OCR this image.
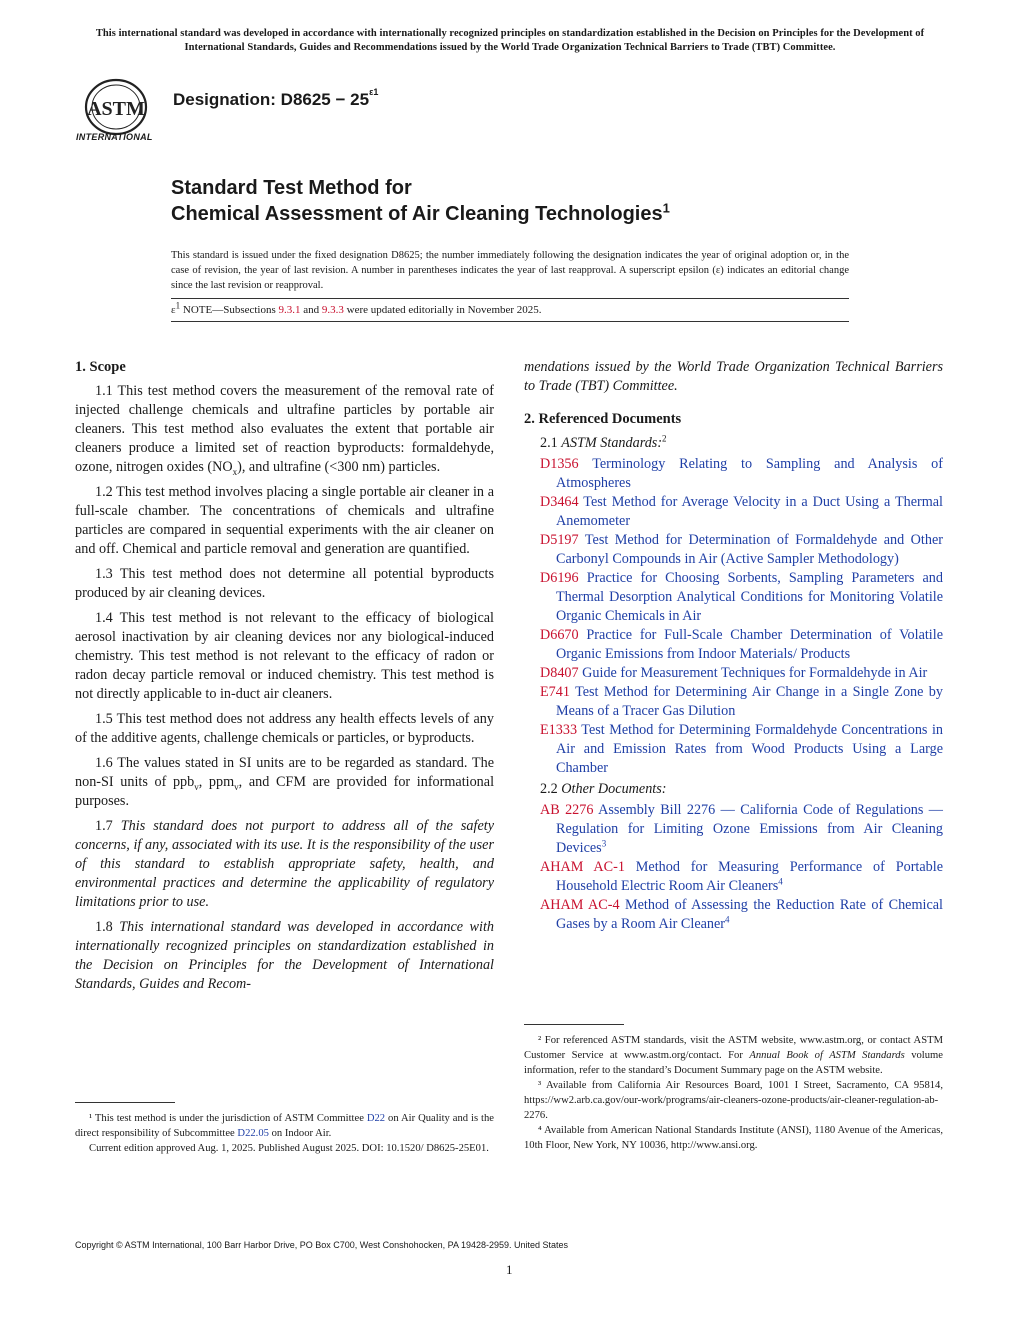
This international standard was developed in accordance with internationally recognized principles on standardization established in the Decision on Principles for the Development of International Standards, Guides and Recommendations issued by the World Trade Organization Technical Barriers to Trade (TBT) Committee.
ASTM
INTERNATIONAL
Designation: $D8625 - 25^{\varepsilon 1}$
Standard Test Method for
Chemical Assessment of Air Cleaning Technologies$^1$
This standard is issued under the fixed designation D8625; the number immediately following the designation indicates the year of original adoption or, in the case of revision, the year of last revision. A number in parentheses indicates the year of last reapproval. A superscript epsilon (ε) indicates an editorial change since the last revision or reapproval.
$\varepsilon^1$ NOTE—Subsections 9.3.1 and 9.3.3 were updated editorially in November 2025.
1. Scope

1.1 This test method covers the measurement of the removal rate of injected challenge chemicals and ultrafine particles by portable air cleaners. This test method also evaluates the extent that portable air cleaners produce a limited set of reaction byproducts: formaldehyde, ozone, nitrogen oxides $(NO_x)$, and ultrafine (<300 nm) particles.

1.2 This test method involves placing a single portable air cleaner in a full-scale chamber. The concentrations of chemicals and ultrafine particles are compared in sequential experiments with the air cleaner on and off. Chemical and particle removal and generation are quantified.

1.3 This test method does not determine all potential byproducts produced by air cleaning devices.

1.4 This test method is not relevant to the efficacy of biological aerosol inactivation by air cleaning devices nor any biological-induced chemistry. This test method is not relevant to the efficacy of radon or radon decay particle removal or induced chemistry. This test method is not directly applicable to in-duct air cleaners.

1.5 This test method does not address any health effects levels of any of the additive agents, challenge chemicals or particles, or byproducts.

1.6 The values stated in SI units are to be regarded as standard. The non-SI units of ppb$_v$, ppm$_v$, and CFM are provided for informational purposes.

1.7 This standard does not purport to address all of the safety concerns, if any, associated with its use. It is the responsibility of the user of this standard to establish appropriate safety, health, and environmental practices and determine the applicability of regulatory limitations prior to use.

1.8 This international standard was developed in accordance with internationally recognized principles on standardization established in the Decision on Principles for the Development of International Standards, Guides and Recom-

¹ This test method is under the jurisdiction of ASTM Committee D22 on Air Quality and is the direct responsibility of Subcommittee D22.05 on Indoor Air.

Current edition approved Aug. 1, 2025. Published August 2025. DOI: 10.1520/ D8625-25E01.

mendations issued by the World Trade Organization Technical Barriers to Trade (TBT) Committee.

2. Referenced Documents
2.1 ASTM Standards:$^2$
D1356 Terminology Relating to Sampling and Analysis of Atmospheres
D3464 Test Method for Average Velocity in a Duct Using a Thermal Anemometer
D5197 Test Method for Determination of Formaldehyde and Other Carbonyl Compounds in Air (Active Sampler Methodology)
D6196 Practice for Choosing Sorbents, Sampling Parameters and Thermal Desorption Analytical Conditions for Monitoring Volatile Organic Chemicals in Air
D6670 Practice for Full-Scale Chamber Determination of Volatile Organic Emissions from Indoor Materials/ Products
D8407 Guide for Measurement Techniques for Formaldehyde in Air
E741 Test Method for Determining Air Change in a Single Zone by Means of a Tracer Gas Dilution
E1333 Test Method for Determining Formaldehyde Concentrations in Air and Emission Rates from Wood Products Using a Large Chamber
2.2 Other Documents:
AB 2276 Assembly Bill 2276 — California Code of Regulations — Regulation for Limiting Ozone Emissions from Air Cleaning Devices$^3$
AHAM AC-1 Method for Measuring Performance of Portable Household Electric Room Air Cleaners$^4$
AHAM AC-4 Method of Assessing the Reduction Rate of Chemical Gases by a Room Air Cleaner$^4$

² For referenced ASTM standards, visit the ASTM website, www.astm.org, or contact ASTM Customer Service at www.astm.org/contact. For Annual Book of ASTM Standards volume information, refer to the standard’s Document Summary page on the ASTM website.

³ Available from California Air Resources Board, 1001 I Street, Sacramento, CA 95814, https://ww2.arb.ca.gov/our-work/programs/air-cleaners-ozone-products/air-cleaner-regulation-ab-2276.

⁴ Available from American National Standards Institute (ANSI), 1180 Avenue of the Americas, 10th Floor, New York, NY 10036, http://www.ansi.org.

Copyright © ASTM International, 100 Barr Harbor Drive, PO Box C700, West Conshohocken, PA 19428-2959. United States
1
